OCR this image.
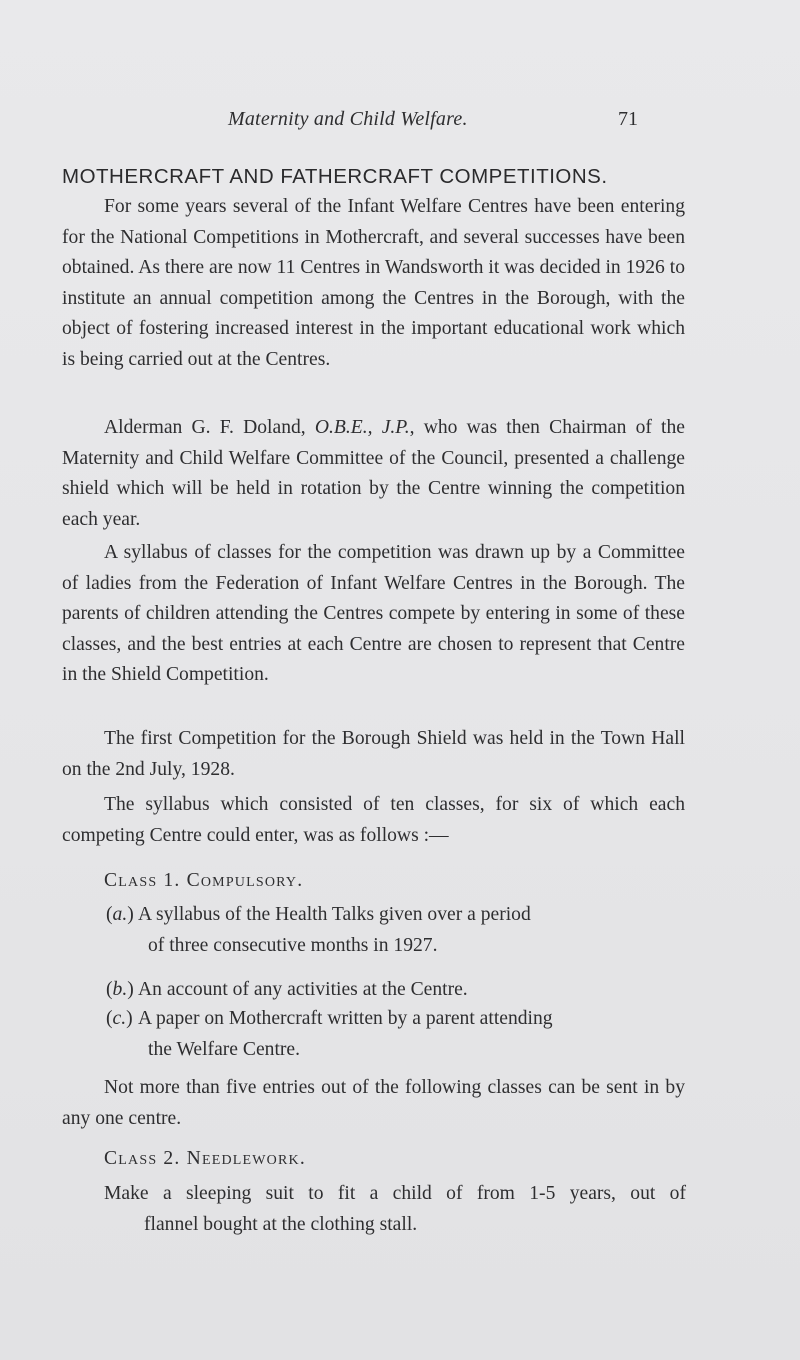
Maternity and Child Welfare.	71
MOTHERCRAFT AND FATHERCRAFT COMPETITIONS.

For some years several of the Infant Welfare Centres have been entering for the National Competitions in Mothercraft, and several successes have been obtained. As there are now 11 Centres in Wandsworth it was decided in 1926 to institute an annual competition among the Centres in the Borough, with the object of fostering increased interest in the important educational work which is being carried out at the Centres.

Alderman G. F. Doland, O.B.E., J.P., who was then Chairman of the Maternity and Child Welfare Committee of the Council, presented a challenge shield which will be held in rotation by the Centre winning the competition each year.

A syllabus of classes for the competition was drawn up by a Committee of ladies from the Federation of Infant Welfare Centres in the Borough. The parents of children attending the Centres compete by entering in some of these classes, and the best entries at each Centre are chosen to represent that Centre in the Shield Competition.

The first Competition for the Borough Shield was held in the Town Hall on the 2nd July, 1928.

The syllabus which consisted of ten classes, for six of which each competing Centre could enter, was as follows :—

Class 1. Compulsory.

(a.) A syllabus of the Health Talks given over a period
of three consecutive months in 1927.

(b.) An account of any activities at the Centre.

(c.) A paper on Mothercraft written by a parent attending
the Welfare Centre.

Not more than five entries out of the following classes can be sent in by any one centre.

Class 2. Needlework.

Make a sleeping suit to fit a child of from 1-5 years, out of
flannel bought at the clothing stall.
